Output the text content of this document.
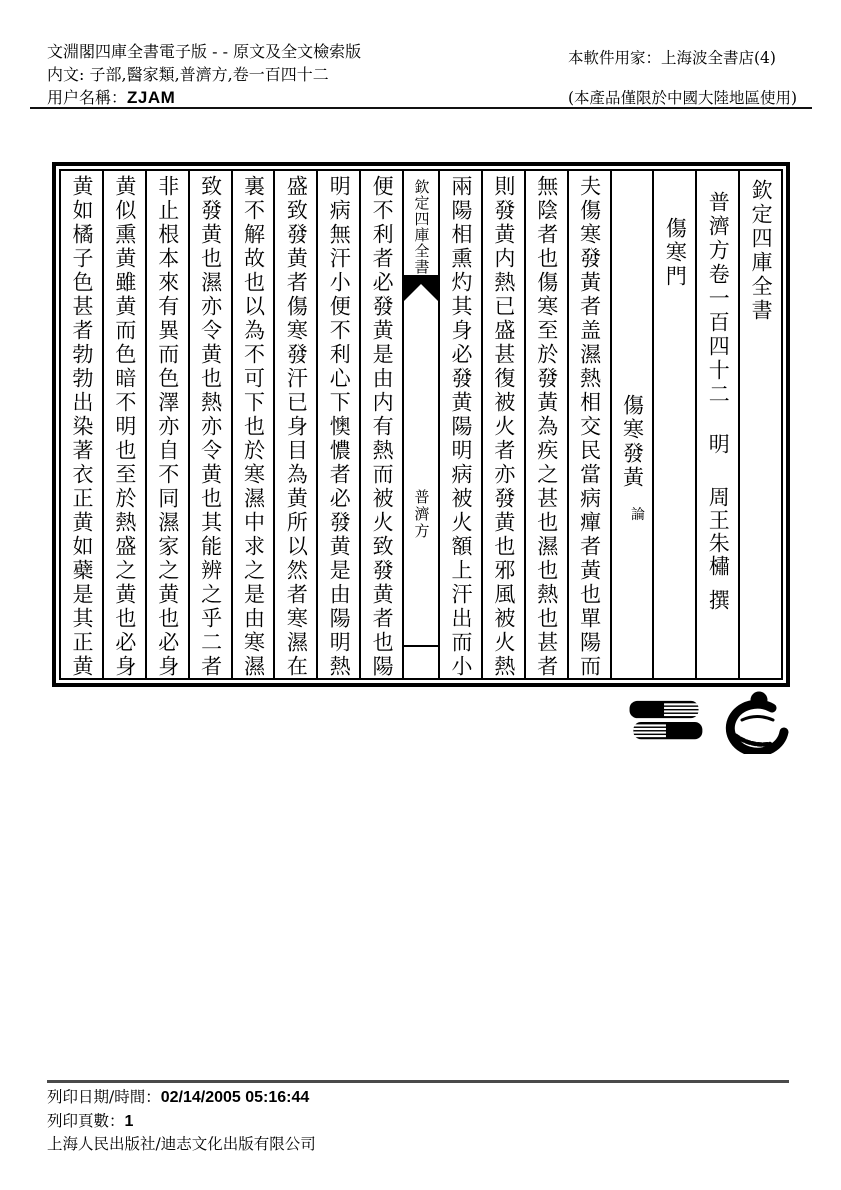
文淵閣四庫全書電子版 - - 原文及全文檢索版
内文: 子部,醫家類,普濟方,卷一百四十二
用户名稱：ZJAM
本軟件用家：上海波全書店(4)
(本產品僅限於中國大陸地區使用)
欽定四庫全書
普濟方卷一百四十二
明
周王朱橚
撰
傷寒門
傷寒發黃
論
夫傷寒發黃者盖濕熱相交民當病癉者黃也單陽而
無陰者也傷寒至於發黃為疾之甚也濕也熱也甚者
則發黄内熱已盛甚復被火者亦發黄也邪風被火熱
兩陽相熏灼其身必發黄陽明病被火額上汗出而小
欽定四庫全書
普濟方
便不利者必發黄是由内有熱而被火致發黄者也陽
明病無汗小便不利心下懊憹者必發黄是由陽明熱
盛致發黄者傷寒發汗已身目為黄所以然者寒濕在
裏不解故也以為不可下也於寒濕中求之是由寒濕
致發黄也濕亦令黄也熱亦令黄也其能辨之乎二者
非止根本來有異而色澤亦自不同濕家之黄也必身
黄似熏黄雖黄而色暗不明也至於熱盛之黄也必身
黄如橘子色甚者勃勃出染著衣正黄如蘗是其正黄
列印日期/時間：02/14/2005 05:16:44
列印頁數：1
上海人民出版社/迪志文化出版有限公司
